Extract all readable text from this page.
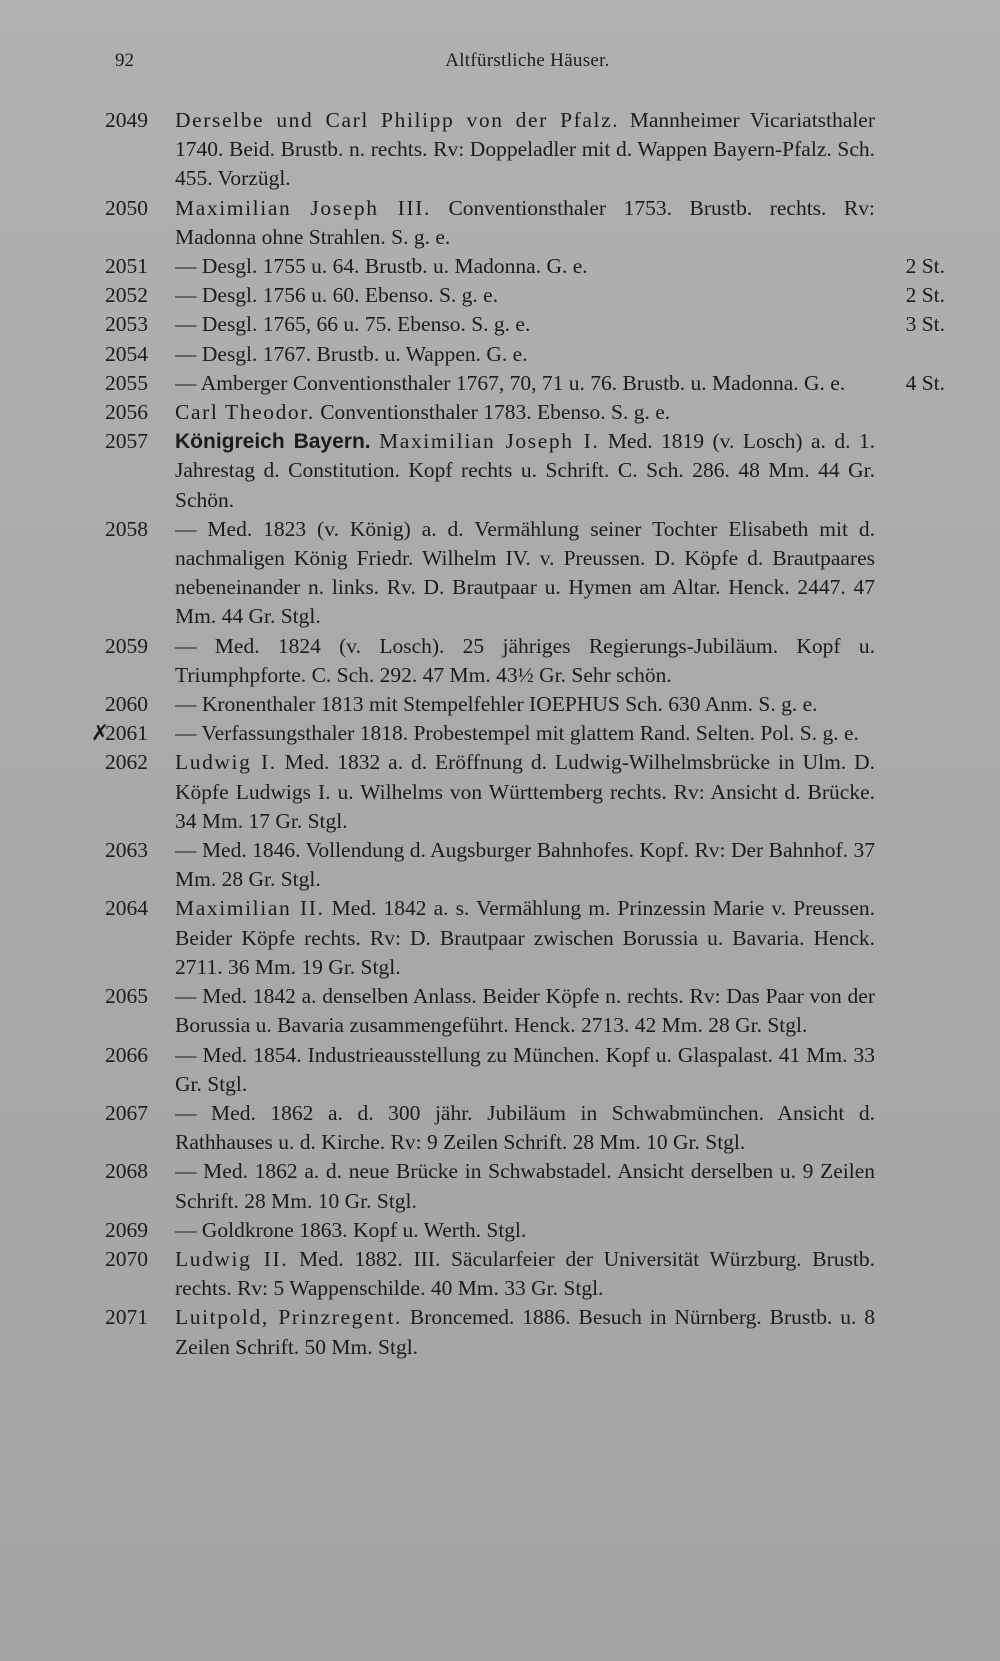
92	Altfürstliche Häuser.
2049	Derselbe und Carl Philipp von der Pfalz. Mannheimer Vicariatsthaler 1740. Beid. Brustb. n. rechts. Rv: Doppeladler mit d. Wappen Bayern-Pfalz. Sch. 455. Vorzügl.
2050	Maximilian Joseph III. Conventionsthaler 1753. Brustb. rechts. Rv: Madonna ohne Strahlen. S. g. e.
2051	— Desgl. 1755 u. 64. Brustb. u. Madonna. G. e.	2 St.
2052	— Desgl. 1756 u. 60. Ebenso. S. g. e.	2 St.
2053	— Desgl. 1765, 66 u. 75. Ebenso. S. g. e.	3 St.
2054	— Desgl. 1767. Brustb. u. Wappen. G. e.
2055	— Amberger Conventionsthaler 1767, 70, 71 u. 76. Brustb. u. Madonna. G. e.	4 St.
2056	Carl Theodor. Conventionsthaler 1783. Ebenso. S. g. e.
2057	Königreich Bayern. Maximilian Joseph I. Med. 1819 (v. Losch) a. d. 1. Jahrestag d. Constitution. Kopf rechts u. Schrift. C. Sch. 286. 48 Mm. 44 Gr. Schön.
2058	— Med. 1823 (v. König) a. d. Vermählung seiner Tochter Elisabeth mit d. nachmaligen König Friedr. Wilhelm IV. v. Preussen. D. Köpfe d. Brautpaares nebeneinander n. links. Rv. D. Brautpaar u. Hymen am Altar. Henck. 2447. 47 Mm. 44 Gr. Stgl.
2059	— Med. 1824 (v. Losch). 25 jähriges Regierungs-Jubiläum. Kopf u. Triumphpforte. C. Sch. 292. 47 Mm. 43½ Gr. Sehr schön.
2060	— Kronenthaler 1813 mit Stempelfehler IOEPHUS Sch. 630 Anm. S. g. e.
✗
2061	— Verfassungsthaler 1818. Probestempel mit glattem Rand. Selten. Pol. S. g. e.
2062	Ludwig I. Med. 1832 a. d. Eröffnung d. Ludwig-Wilhelmsbrücke in Ulm. D. Köpfe Ludwigs I. u. Wilhelms von Württemberg rechts. Rv: Ansicht d. Brücke. 34 Mm. 17 Gr. Stgl.
2063	— Med. 1846. Vollendung d. Augsburger Bahnhofes. Kopf. Rv: Der Bahnhof. 37 Mm. 28 Gr. Stgl.
2064	Maximilian II. Med. 1842 a. s. Vermählung m. Prinzessin Marie v. Preussen. Beider Köpfe rechts. Rv: D. Brautpaar zwischen Borussia u. Bavaria. Henck. 2711. 36 Mm. 19 Gr. Stgl.
2065	— Med. 1842 a. denselben Anlass. Beider Köpfe n. rechts. Rv: Das Paar von der Borussia u. Bavaria zusammengeführt. Henck. 2713. 42 Mm. 28 Gr. Stgl.
2066	— Med. 1854. Industrieausstellung zu München. Kopf u. Glaspalast. 41 Mm. 33 Gr. Stgl.
2067	— Med. 1862 a. d. 300 jähr. Jubiläum in Schwabmünchen. Ansicht d. Rathhauses u. d. Kirche. Rv: 9 Zeilen Schrift. 28 Mm. 10 Gr. Stgl.
2068	— Med. 1862 a. d. neue Brücke in Schwabstadel. Ansicht derselben u. 9 Zeilen Schrift. 28 Mm. 10 Gr. Stgl.
2069	— Goldkrone 1863. Kopf u. Werth. Stgl.
2070	Ludwig II. Med. 1882. III. Säcularfeier der Universität Würzburg. Brustb. rechts. Rv: 5 Wappenschilde. 40 Mm. 33 Gr. Stgl.
2071	Luitpold, Prinzregent. Broncemed. 1886. Besuch in Nürnberg. Brustb. u. 8 Zeilen Schrift. 50 Mm. Stgl.
